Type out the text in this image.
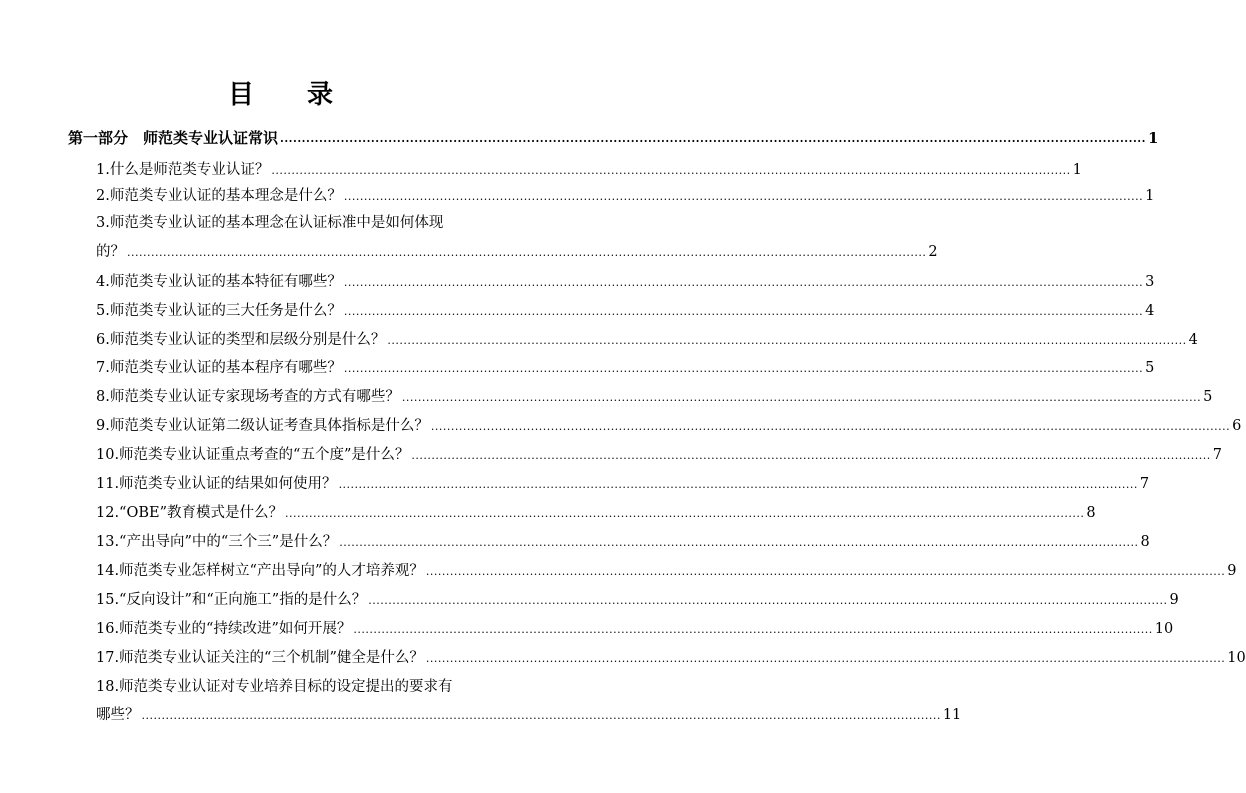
目 录
第一部分　师范类专业认证常识 ........................................................................................................................................................................................................ 1
1.什么是师范类专业认证？ ........................................................................................................................................................................................................ 1
2.师范类专业认证的基本理念是什么？ ........................................................................................................................................................................................................ 1
3.师范类专业认证的基本理念在认证标准中是如何体现
的？ ........................................................................................................................................................................................................ 2
4.师范类专业认证的基本特征有哪些？ ........................................................................................................................................................................................................ 3
5.师范类专业认证的三大任务是什么？ ........................................................................................................................................................................................................ 4
6.师范类专业认证的类型和层级分别是什么？ ........................................................................................................................................................................................................ 4
7.师范类专业认证的基本程序有哪些？ ........................................................................................................................................................................................................ 5
8.师范类专业认证专家现场考查的方式有哪些？ ........................................................................................................................................................................................................ 5
9.师范类专业认证第二级认证考查具体指标是什么？ ........................................................................................................................................................................................................ 6
10.师范类专业认证重点考查的“五个度”是什么？ ........................................................................................................................................................................................................ 7
11.师范类专业认证的结果如何使用？ ........................................................................................................................................................................................................ 7
12.“OBE”教育模式是什么？ ........................................................................................................................................................................................................ 8
13.“产出导向”中的“三个三”是什么？ ........................................................................................................................................................................................................ 8
14.师范类专业怎样树立“产出导向”的人才培养观？ ........................................................................................................................................................................................................ 9
15.“反向设计”和“正向施工”指的是什么？ ........................................................................................................................................................................................................ 9
16.师范类专业的“持续改进”如何开展？ ........................................................................................................................................................................................................ 10
17.师范类专业认证关注的“三个机制”健全是什么？ ........................................................................................................................................................................................................ 10
18.师范类专业认证对专业培养目标的设定提出的要求有
哪些？ ........................................................................................................................................................................................................ 11
